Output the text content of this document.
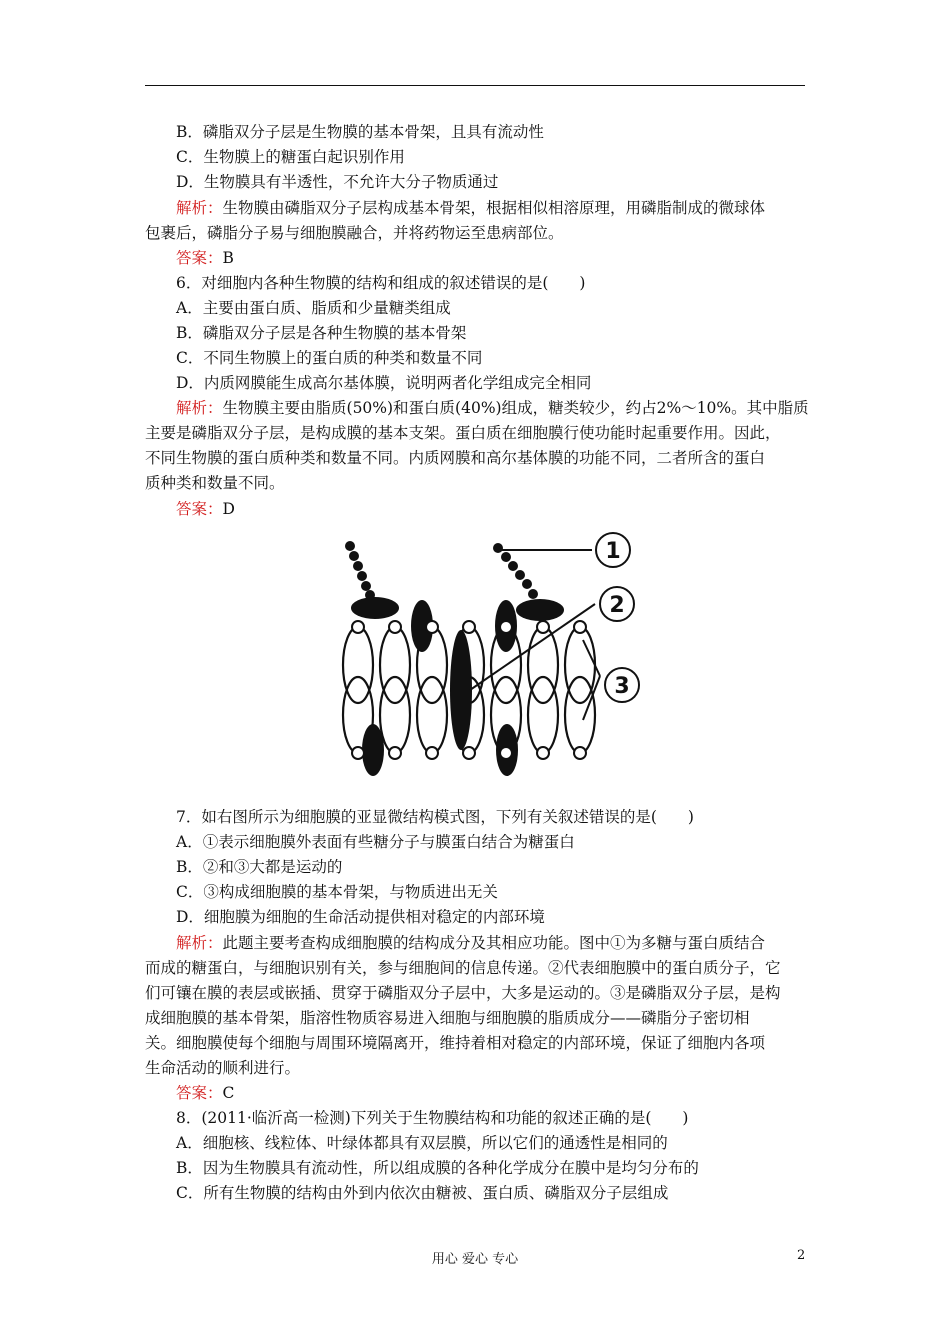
B．磷脂双分子层是生物膜的基本骨架，且具有流动性
C．生物膜上的糖蛋白起识别作用
D．生物膜具有半透性，不允许大分子物质通过
解析：生物膜由磷脂双分子层构成基本骨架，根据相似相溶原理，用磷脂制成的微球体
包裹后，磷脂分子易与细胞膜融合，并将药物运至患病部位。
答案：B
6．对细胞内各种生物膜的结构和组成的叙述错误的是(　　)
A．主要由蛋白质、脂质和少量糖类组成
B．磷脂双分子层是各种生物膜的基本骨架
C．不同生物膜上的蛋白质的种类和数量不同
D．内质网膜能生成高尔基体膜，说明两者化学组成完全相同
解析：生物膜主要由脂质(50%)和蛋白质(40%)组成，糖类较少，约占2%～10%。其中脂质
主要是磷脂双分子层，是构成膜的基本支架。蛋白质在细胞膜行使功能时起重要作用。因此，
不同生物膜的蛋白质种类和数量不同。内质网膜和高尔基体膜的功能不同，二者所含的蛋白
质种类和数量不同。
答案：D
1
2
3
7．如右图所示为细胞膜的亚显微结构模式图，下列有关叙述错误的是(　　)
A．①表示细胞膜外表面有些糖分子与膜蛋白结合为糖蛋白
B．②和③大都是运动的
C．③构成细胞膜的基本骨架，与物质进出无关
D．细胞膜为细胞的生命活动提供相对稳定的内部环境
解析：此题主要考查构成细胞膜的结构成分及其相应功能。图中①为多糖与蛋白质结合
而成的糖蛋白，与细胞识别有关，参与细胞间的信息传递。②代表细胞膜中的蛋白质分子，它
们可镶在膜的表层或嵌插、贯穿于磷脂双分子层中，大多是运动的。③是磷脂双分子层，是构
成细胞膜的基本骨架，脂溶性物质容易进入细胞与细胞膜的脂质成分——磷脂分子密切相
关。细胞膜使每个细胞与周围环境隔离开，维持着相对稳定的内部环境，保证了细胞内各项
生命活动的顺利进行。
答案：C
8．(2011·临沂高一检测)下列关于生物膜结构和功能的叙述正确的是(　　)
A．细胞核、线粒体、叶绿体都具有双层膜，所以它们的通透性是相同的
B．因为生物膜具有流动性，所以组成膜的各种化学成分在膜中是均匀分布的
C．所有生物膜的结构由外到内依次由糖被、蛋白质、磷脂双分子层组成
用心 爱心 专心	2
